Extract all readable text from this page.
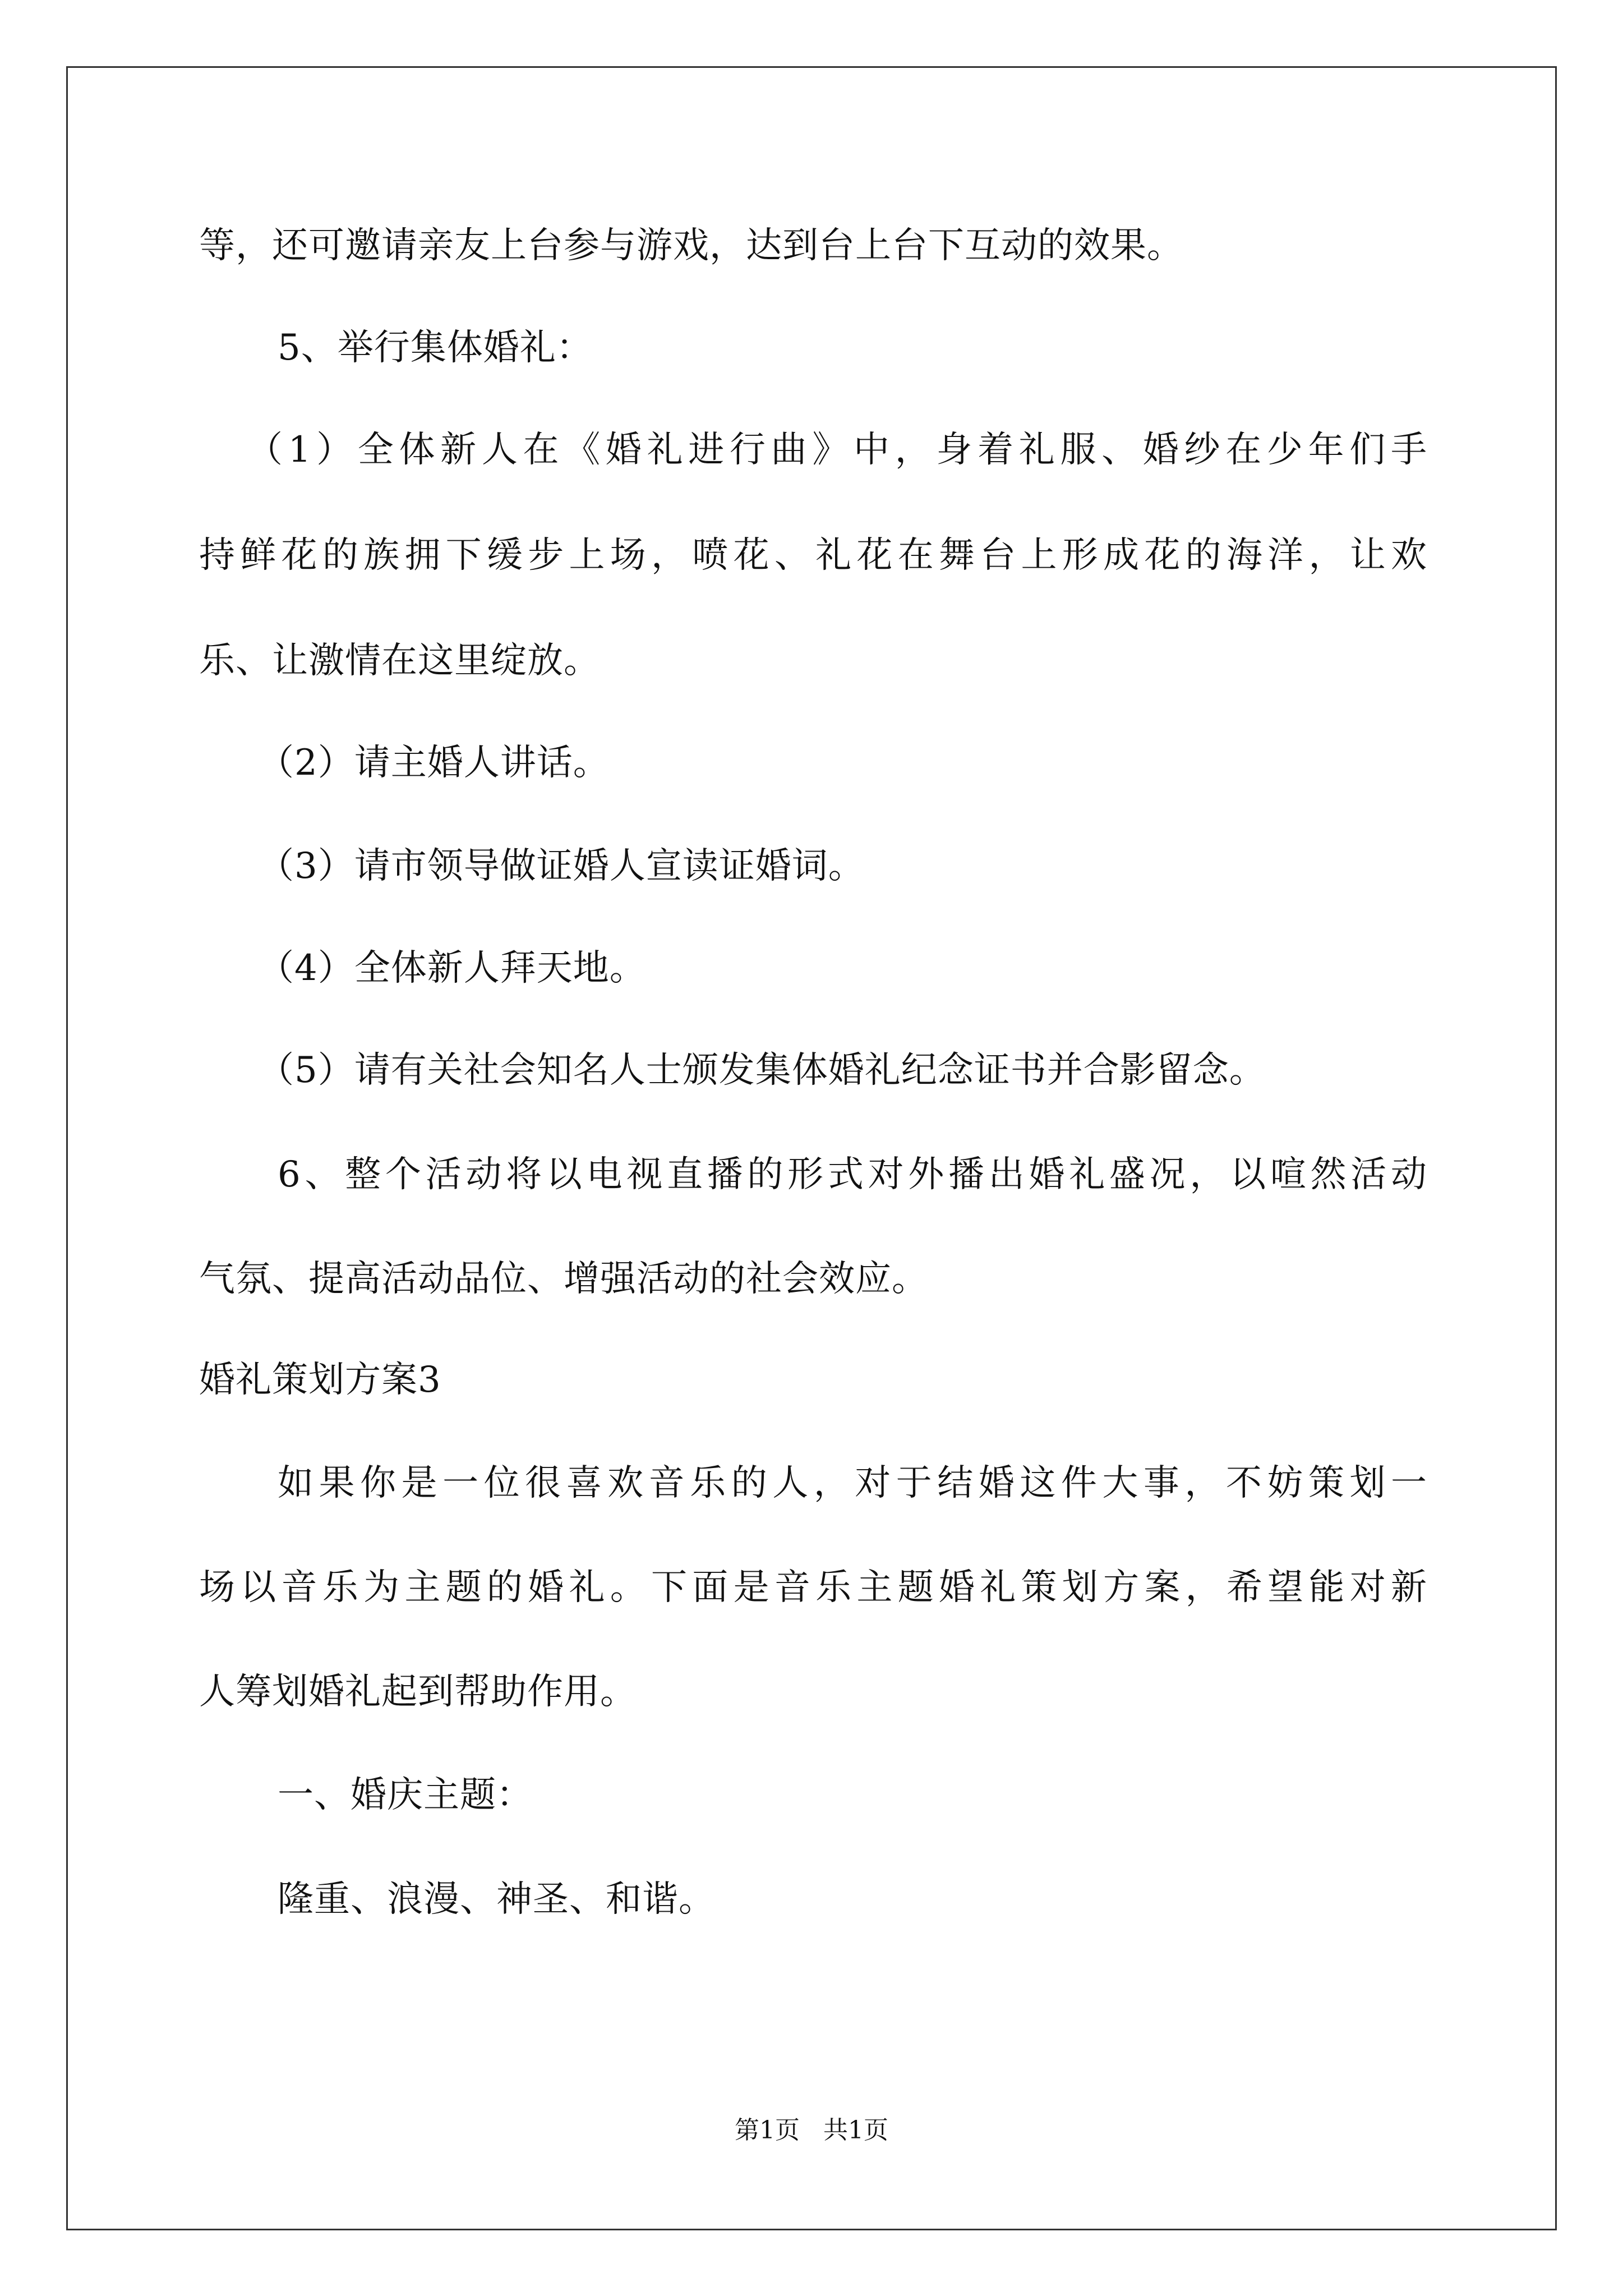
等，还可邀请亲友上台参与游戏，达到台上台下互动的效果。
5、举行集体婚礼：
（1）全体新人在《婚礼进行曲》中，身着礼服、婚纱在少年们手
持鲜花的族拥下缓步上场，喷花、礼花在舞台上形成花的海洋，让欢
乐、让激情在这里绽放。
（2）请主婚人讲话。
（3）请市领导做证婚人宣读证婚词。
（4）全体新人拜天地。
（5）请有关社会知名人士颁发集体婚礼纪念证书并合影留念。
6、整个活动将以电视直播的形式对外播出婚礼盛况，以喧然活动
气氛、提高活动品位、增强活动的社会效应。
婚礼策划方案3
如果你是一位很喜欢音乐的人，对于结婚这件大事，不妨策划一
场以音乐为主题的婚礼。下面是音乐主题婚礼策划方案，希望能对新
人筹划婚礼起到帮助作用。
一、婚庆主题：
隆重、浪漫、神圣、和谐。
第1页   共1页
